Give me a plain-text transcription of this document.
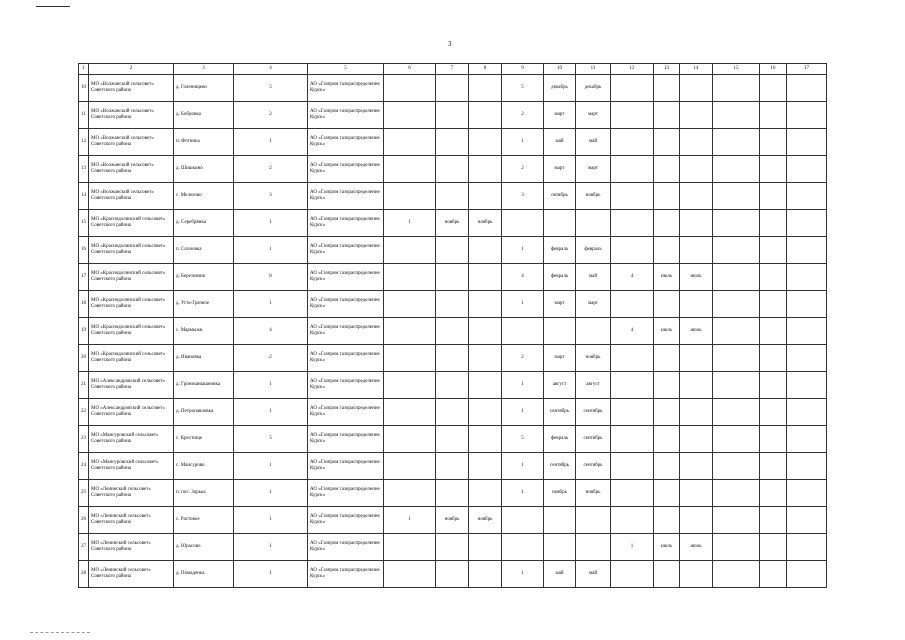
3
1	2	3	4	5	6	7	8	9	10	11	12	13	14	15	16	17
10	МО «Волжанский сельсовет» Советского района	д. Голенищево	5	АО «Газпром газораспределение Курск»				5	декабрь	декабрь						
11	МО «Волжанский сельсовет» Советского района	д. Бобровка	2	АО «Газпром газораспределение Курск»				2	март	март						
12	МО «Волжанский сельсовет» Советского района	п. Фотинка	1	АО «Газпром газораспределение Курск»				1	май	май						
13	МО «Волжанский сельсовет» Советского района	д. Шишкино	2	АО «Газпром газораспределение Курск»				2	март	март						
14	МО «Волжанский сельсовет» Советского района	с. Мелехово	3	АО «Газпром газораспределение Курск»				3	октябрь	ноябрь						
15	МО «Краснодолинский сельсовет» Советского района	д. Серебрянка	1	АО «Газпром газораспределение Курск»	1	ноябрь	ноябрь									
16	МО «Краснодолинский сельсовет» Советского района	п. Сохновка	1	АО «Газпром газораспределение Курск»				1	февраль	февраль						
17	МО «Краснодолинский сельсовет» Советского района	д. Березовчик	8	АО «Газпром газораспределение Курск»				4	февраль	май	4	июль	июль			
18	МО «Краснодолинский сельсовет» Советского района	д. Усть-Грязное	1	АО «Газпром газораспределение Курск»				1	март	март						
19	МО «Краснодолинский сельсовет» Советского района	с. Мармыжи	4	АО «Газпром газораспределение Курск»							4	июль	июль			
20	МО «Краснодолинский сельсовет» Советского района	д. Ивановка	2	АО «Газпром газораспределение Курск»				2	март	ноябрь						
21	МО «Александровский сельсовет» Советского района	д. Громошнышновка	1	АО «Газпром газораспределение Курск»				1	август	август						
22	МО «Александровский сельсовет» Советского района	д. Петропавловка	1	АО «Газпром газораспределение Курск»				1	сентябрь	сентябрь						
23	МО «Мансуровский сельсовет» Советского района	с. Крестище	5	АО «Газпром газораспределение Курск»				5	февраль	сентябрь						
24	МО «Мансуровский сельсовет» Советского района	с. Мансурово	1	АО «Газпром газораспределение Курск»				1	сентябрь	сентябрь						
25	МО «Ленинский сельсовет» Советского района	п. пос. Зорька	1	АО «Газпром газораспределение Курск»				1	ноябрь	ноябрь						
26	МО «Ленинский сельсовет» Советского района	с. Растовое	1	АО «Газпром газораспределение Курск»	1	ноябрь	ноябрь									
27	МО «Ленинский сельсовет» Советского района	д. Юрасово	1	АО «Газпром газораспределение Курск»							1	июль	июль			
28	МО «Ленинский сельсовет» Советского района	д. Помаденка	1	АО «Газпром газораспределение Курск»				1	май	май						
